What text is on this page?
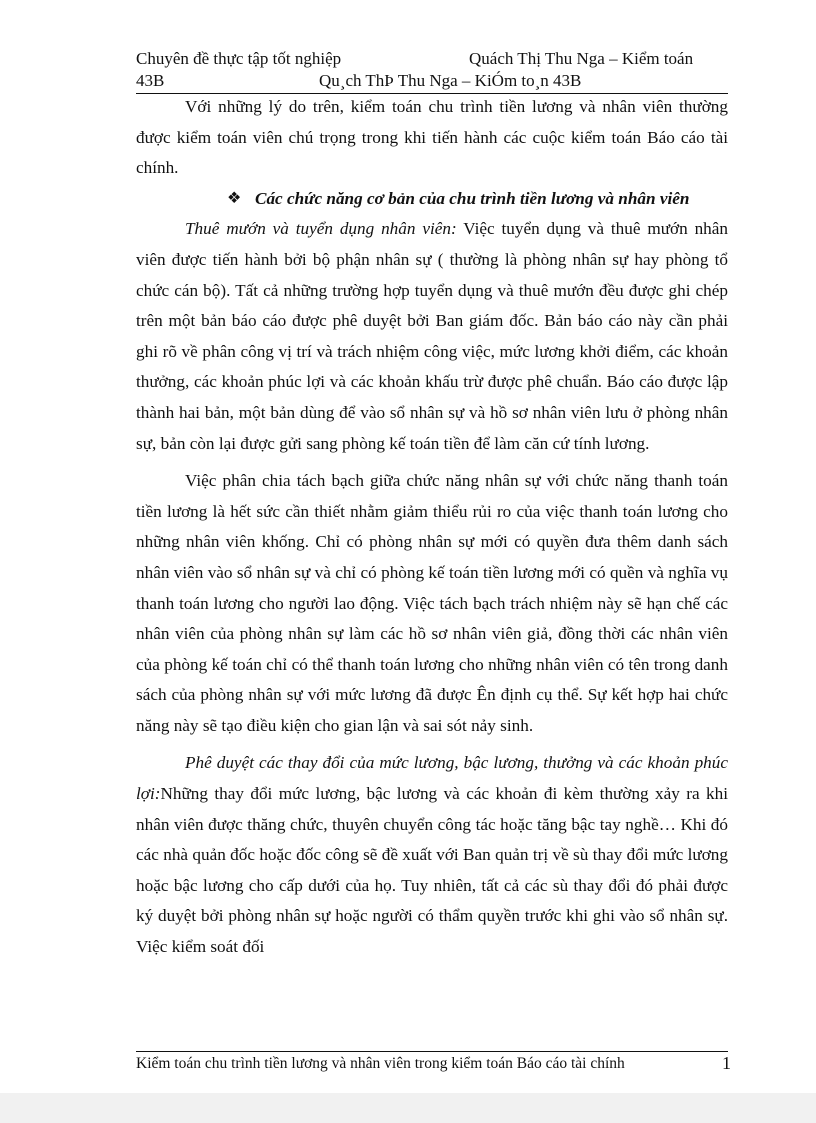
Chuyên đề thực tập tốt nghiệp	Quách Thị Thu Nga – Kiểm toán
43B	Qu¸ch ThÞ Thu Nga – KiÓm to¸n 43B

Với những lý do trên, kiểm toán chu trình tiền lương và nhân viên thường được kiểm toán viên chú trọng trong khi tiến hành các cuộc kiểm toán Báo cáo tài chính.

❖ Các chức năng cơ bản của chu trình tiền lương và nhân viên

Thuê mướn và tuyển dụng nhân viên: Việc tuyển dụng và thuê mướn nhân viên được tiến hành bởi bộ phận nhân sự ( thường là phòng nhân sự hay phòng tổ chức cán bộ). Tất cả những trường hợp tuyển dụng và thuê mướn đều được ghi chép trên một bản báo cáo được phê duyệt bởi Ban giám đốc. Bản báo cáo này cần phải ghi rõ về phân công vị trí và trách nhiệm công việc, mức lương khởi điểm, các khoản thưởng, các khoản phúc lợi và các khoản khấu trừ được phê chuẩn. Báo cáo được lập thành hai bản, một bản dùng để vào sổ nhân sự và hồ sơ nhân viên lưu ở phòng nhân sự, bản còn lại được gửi sang phòng kế toán tiền để làm căn cứ tính lương.

Việc phân chia tách bạch giữa chức năng nhân sự với chức năng thanh toán tiền lương là hết sức cần thiết nhằm giảm thiểu rủi ro của việc thanh toán lương cho những nhân viên khống. Chỉ có phòng nhân sự mới có quyền đưa thêm danh sách nhân viên vào sổ nhân sự và chỉ có phòng kế toán tiền lương mới có quền và nghĩa vụ thanh toán lương cho người lao động. Việc tách bạch trách nhiệm này sẽ hạn chế các nhân viên của phòng nhân sự làm các hồ sơ nhân viên giả, đồng thời các nhân viên của phòng kế toán chỉ có thể thanh toán lương cho những nhân viên có tên trong danh sách của phòng nhân sự với mức lương đã được Ên định cụ thể. Sự kết hợp hai chức năng này sẽ tạo điều kiện cho gian lận và sai sót nảy sinh.

Phê duyệt các thay đổi của mức lương, bậc lương, thưởng và các khoản phúc lợi:Những thay đổi mức lương, bậc lương và các khoản đi kèm thường xảy ra khi nhân viên được thăng chức, thuyên chuyển công tác hoặc tăng bậc tay nghề… Khi đó các nhà quản đốc hoặc đốc công sẽ đề xuất với Ban quản trị về sù thay đổi mức lương hoặc bậc lương cho cấp dưới của họ. Tuy nhiên, tất cả các sù thay đổi đó phải được ký duyệt bởi phòng nhân sự hoặc người có thẩm quyền trước khi ghi vào sổ nhân sự. Việc kiểm soát đối

Kiểm toán chu trình tiền lương và nhân viên trong kiểm toán Báo cáo tài chính	1
